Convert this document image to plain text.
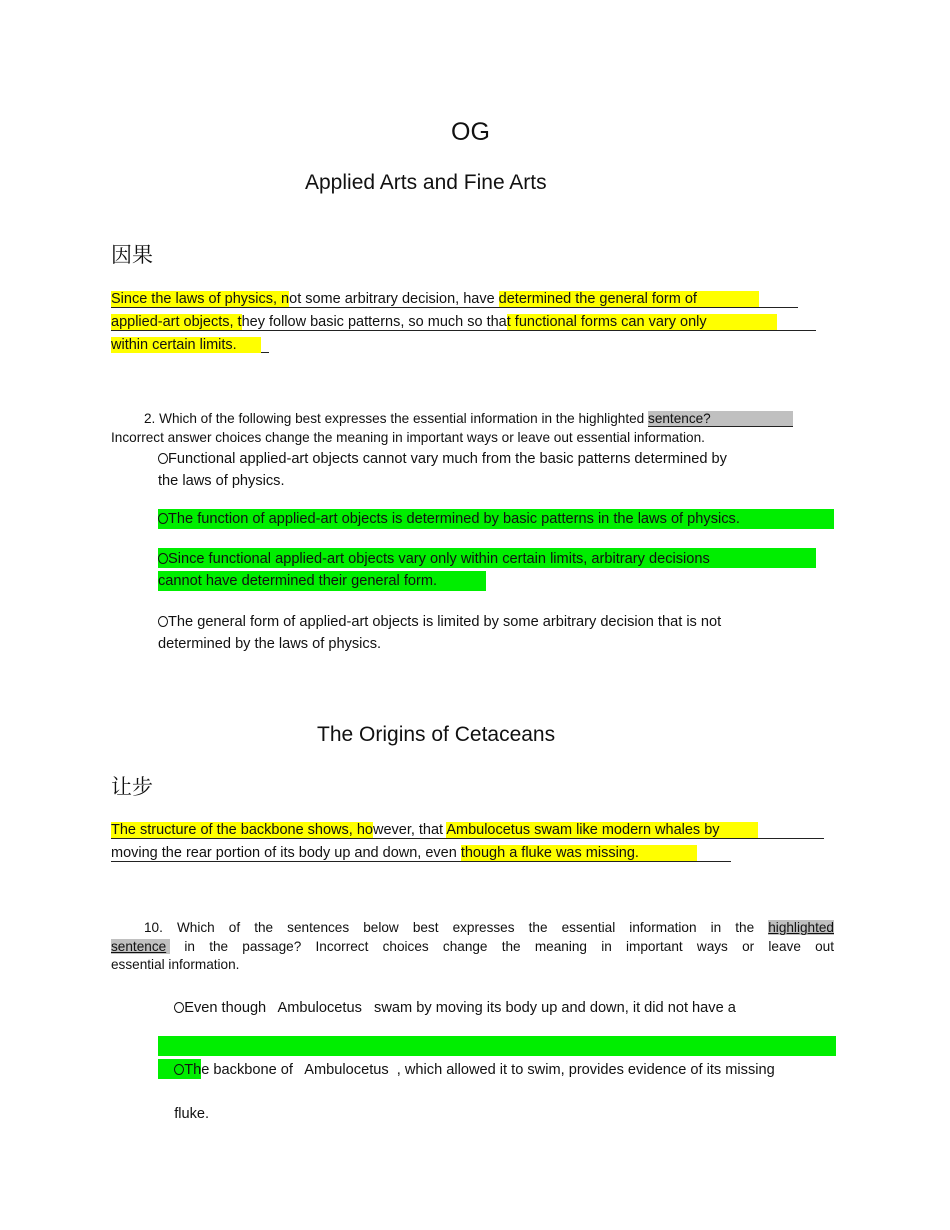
OG
Applied Arts and Fine Arts
因果
Since the laws of physics, not some arbitrary decision, have determined the general form of
applied-art objects, they follow basic patterns, so much so that functional forms can vary only
within certain limits.
2. Which of the following best expresses the essential information in the highlighted sentence?
Incorrect answer choices change the meaning in important ways or leave out essential information.
Functional applied-art objects cannot vary much from the basic patterns determined by
the laws of physics.
The function of applied-art objects is determined by basic patterns in the laws of physics.
Since functional applied-art objects vary only within certain limits, arbitrary decisions
cannot have determined their general form.
The general form of applied-art objects is limited by some arbitrary decision that is not
determined by the laws of physics.
The Origins of Cetaceans
让步
The structure of the backbone shows, however, that Ambulocetus swam like modern whales by
moving the rear portion of its body up and down, even though a fluke was missing.
10. Which of the sentences below best expresses the essential information in the highlighted
sentence in the passage? Incorrect choices change the meaning in important ways or leave out
essential information.

Even though   Ambulocetus   swam by moving its body up and down, it did not have a

The backbone of   Ambulocetus  , which allowed it to swim, provides evidence of its missing

fluke.
